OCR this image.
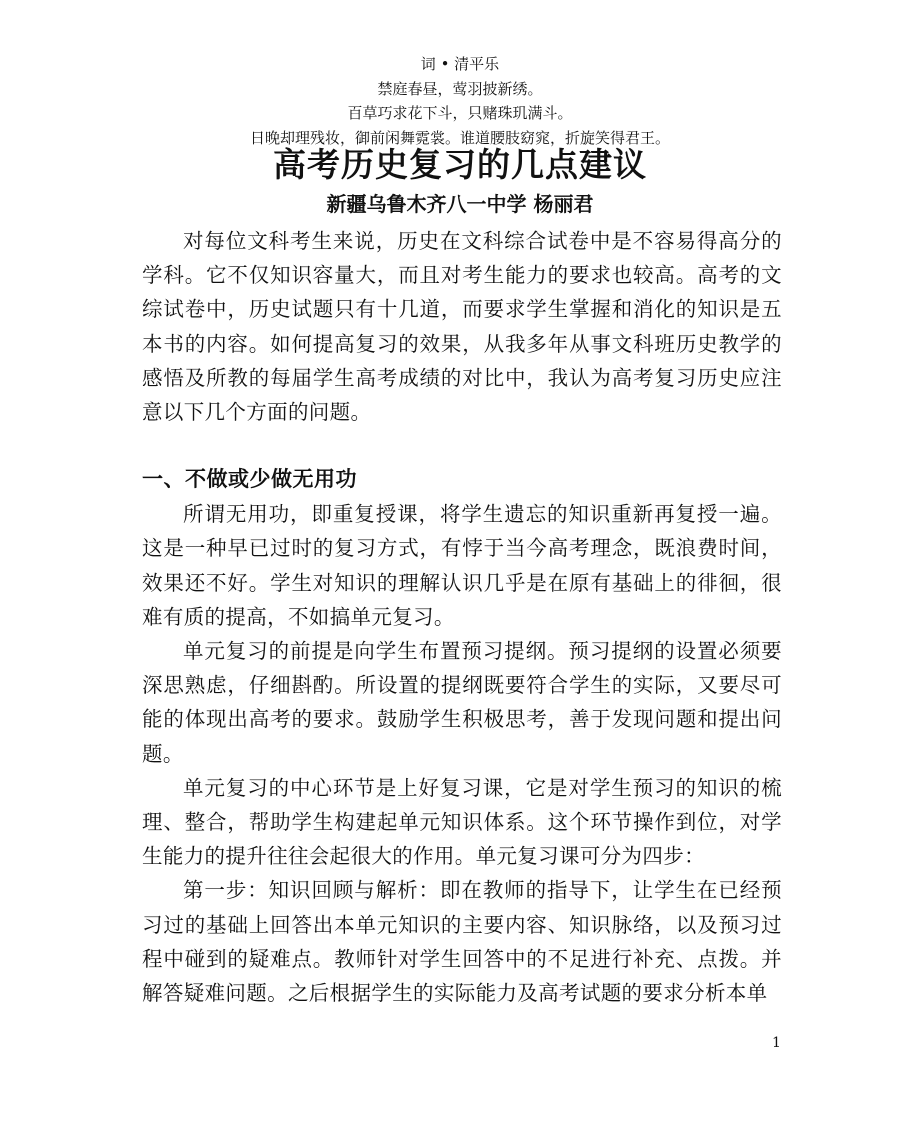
词 • 清平乐
禁庭春昼，莺羽披新绣。
百草巧求花下斗，只赌珠玑满斗。
日晚却理残妆，御前闲舞霓裳。谁道腰肢窈窕，折旋笑得君王。
高考历史复习的几点建议
新疆乌鲁木齐八一中学 杨丽君

对每位文科考生来说，历史在文科综合试卷中是不容易得高分的学科。它不仅知识容量大，而且对考生能力的要求也较高。高考的文综试卷中，历史试题只有十几道，而要求学生掌握和消化的知识是五本书的内容。如何提高复习的效果，从我多年从事文科班历史教学的感悟及所教的每届学生高考成绩的对比中，我认为高考复习历史应注意以下几个方面的问题。

一、不做或少做无用功

所谓无用功，即重复授课，将学生遗忘的知识重新再复授一遍。这是一种早已过时的复习方式，有悖于当今高考理念，既浪费时间，效果还不好。学生对知识的理解认识几乎是在原有基础上的徘徊，很难有质的提高，不如搞单元复习。

单元复习的前提是向学生布置预习提纲。预习提纲的设置必须要深思熟虑，仔细斟酌。所设置的提纲既要符合学生的实际，又要尽可能的体现出高考的要求。鼓励学生积极思考，善于发现问题和提出问题。

单元复习的中心环节是上好复习课，它是对学生预习的知识的梳理、整合，帮助学生构建起单元知识体系。这个环节操作到位，对学生能力的提升往往会起很大的作用。单元复习课可分为四步：

第一步：知识回顾与解析：即在教师的指导下，让学生在已经预习过的基础上回答出本单元知识的主要内容、知识脉络，以及预习过程中碰到的疑难点。教师针对学生回答中的不足进行补充、点拨。并解答疑难问题。之后根据学生的实际能力及高考试题的要求分析本单

1
